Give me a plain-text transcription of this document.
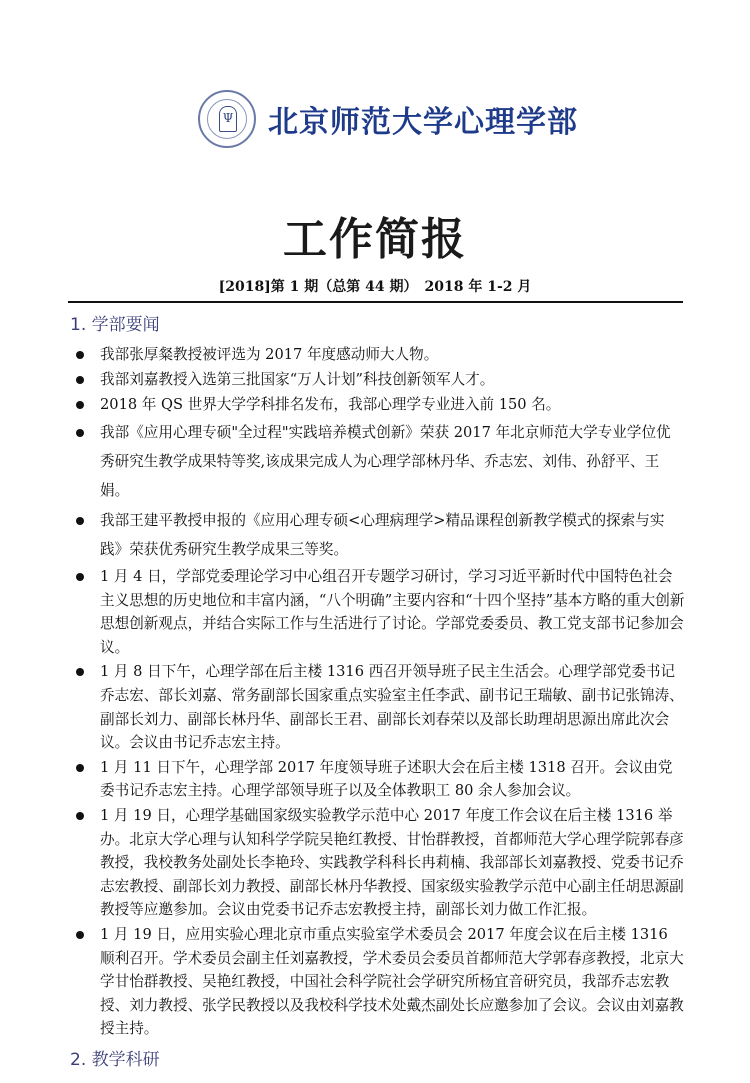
Ψ 北京师范大学心理学部
工作简报
[2018]第 1 期（总第 44 期）　2018 年 1-2 月
1. 学部要闻
我部张厚粲教授被评选为 2017 年度感动师大人物。
我部刘嘉教授入选第三批国家“万人计划”科技创新领军人才。
2018 年 QS 世界大学学科排名发布，我部心理学专业进入前 150 名。
我部《应用心理专硕"全过程"实践培养模式创新》荣获 2017 年北京师范大学专业学位优秀研究生教学成果特等奖,该成果完成人为心理学部林丹华、乔志宏、刘伟、孙舒平、王娟。
我部王建平教授申报的《应用心理专硕<心理病理学>精品课程创新教学模式的探索与实践》荣获优秀研究生教学成果三等奖。
1 月 4 日，学部党委理论学习中心组召开专题学习研讨，学习习近平新时代中国特色社会主义思想的历史地位和丰富内涵，“八个明确”主要内容和“十四个坚持”基本方略的重大创新思想创新观点，并结合实际工作与生活进行了讨论。学部党委委员、教工党支部书记参加会议。
1 月 8 日下午，心理学部在后主楼 1316 西召开领导班子民主生活会。心理学部党委书记乔志宏、部长刘嘉、常务副部长国家重点实验室主任李武、副书记王瑞敏、副书记张锦涛、副部长刘力、副部长林丹华、副部长王君、副部长刘春荣以及部长助理胡思源出席此次会议。会议由书记乔志宏主持。
1 月 11 日下午，心理学部 2017 年度领导班子述职大会在后主楼 1318 召开。会议由党委书记乔志宏主持。心理学部领导班子以及全体教职工 80 余人参加会议。
1 月 19 日，心理学基础国家级实验教学示范中心 2017 年度工作会议在后主楼 1316 举办。北京大学心理与认知科学学院吴艳红教授、甘怡群教授，首都师范大学心理学院郭春彦教授，我校教务处副处长李艳玲、实践教学科科长冉莉楠、我部部长刘嘉教授、党委书记乔志宏教授、副部长刘力教授、副部长林丹华教授、国家级实验教学示范中心副主任胡思源副教授等应邀参加。会议由党委书记乔志宏教授主持，副部长刘力做工作汇报。
1 月 19 日，应用实验心理北京市重点实验室学术委员会 2017 年度会议在后主楼 1316 顺利召开。学术委员会副主任刘嘉教授，学术委员会委员首都师范大学郭春彦教授，北京大学甘怡群教授、吴艳红教授，中国社会科学院社会学研究所杨宜音研究员，我部乔志宏教授、刘力教授、张学民教授以及我校科学技术处戴杰副处长应邀参加了会议。会议由刘嘉教授主持。
2. 教学科研
